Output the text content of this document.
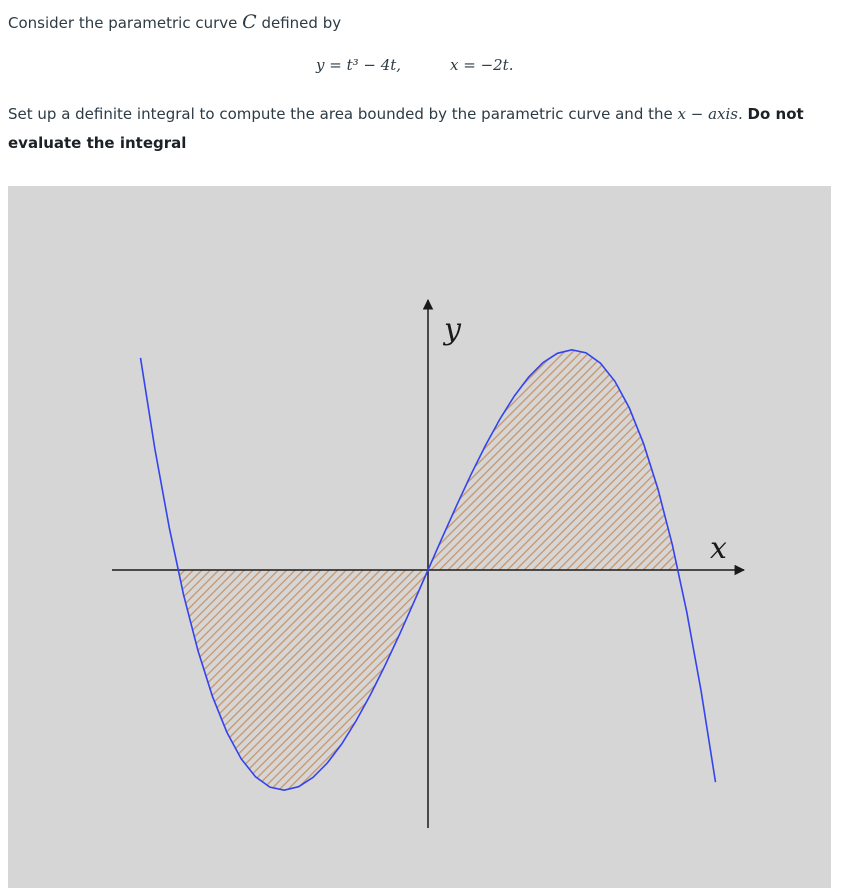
Consider the parametric curve C defined by
y = t³ − 4t,	x = −2t.
Set up a definite integral to compute the area bounded by the parametric curve and the x − axis. Do not evaluate the integral
x
y
